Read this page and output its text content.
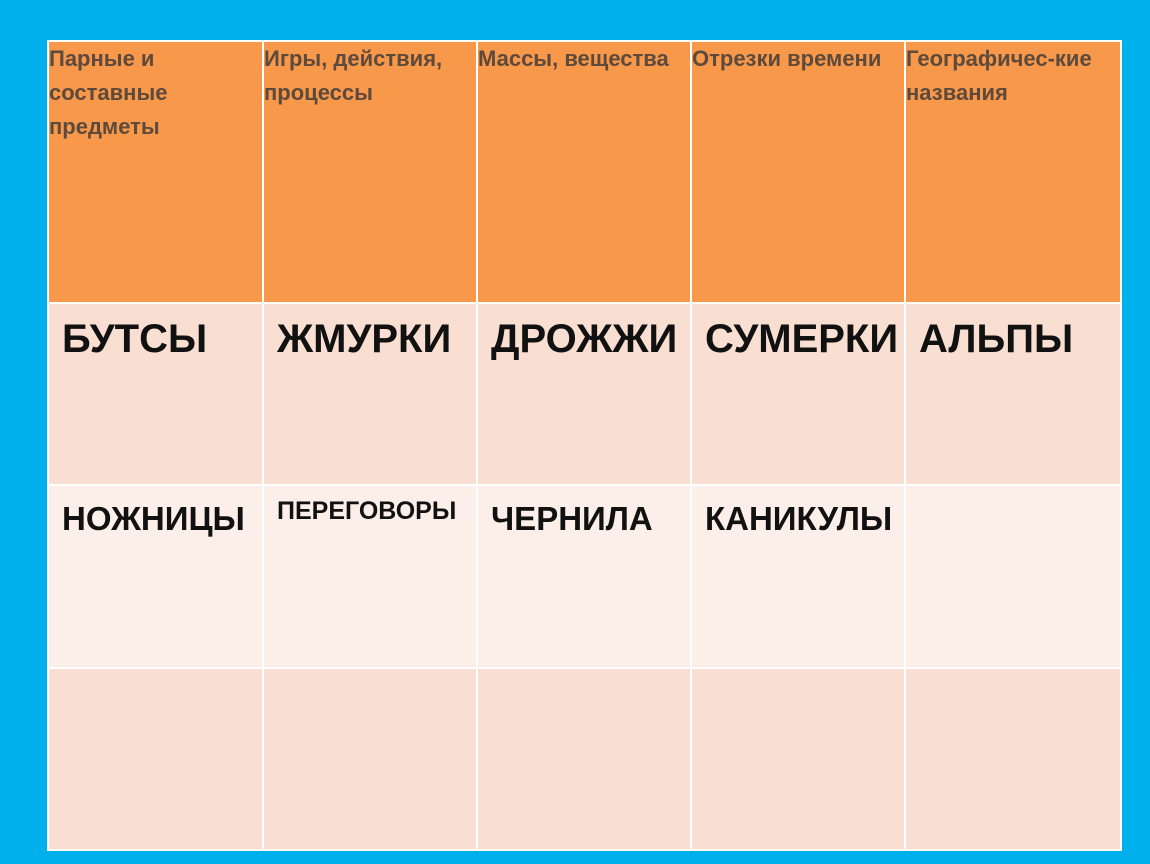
Парные и составные предметы	Игры, действия, процессы	Массы, вещества	Отрезки времени	Географичес-кие названия

БУТСЫ	ЖМУРКИ	ДРОЖЖИ	СУМЕРКИ	АЛЬПЫ

НОЖНИЦЫ	ПЕРЕГОВОРЫ	ЧЕРНИЛА	КАНИКУЛЫ	
